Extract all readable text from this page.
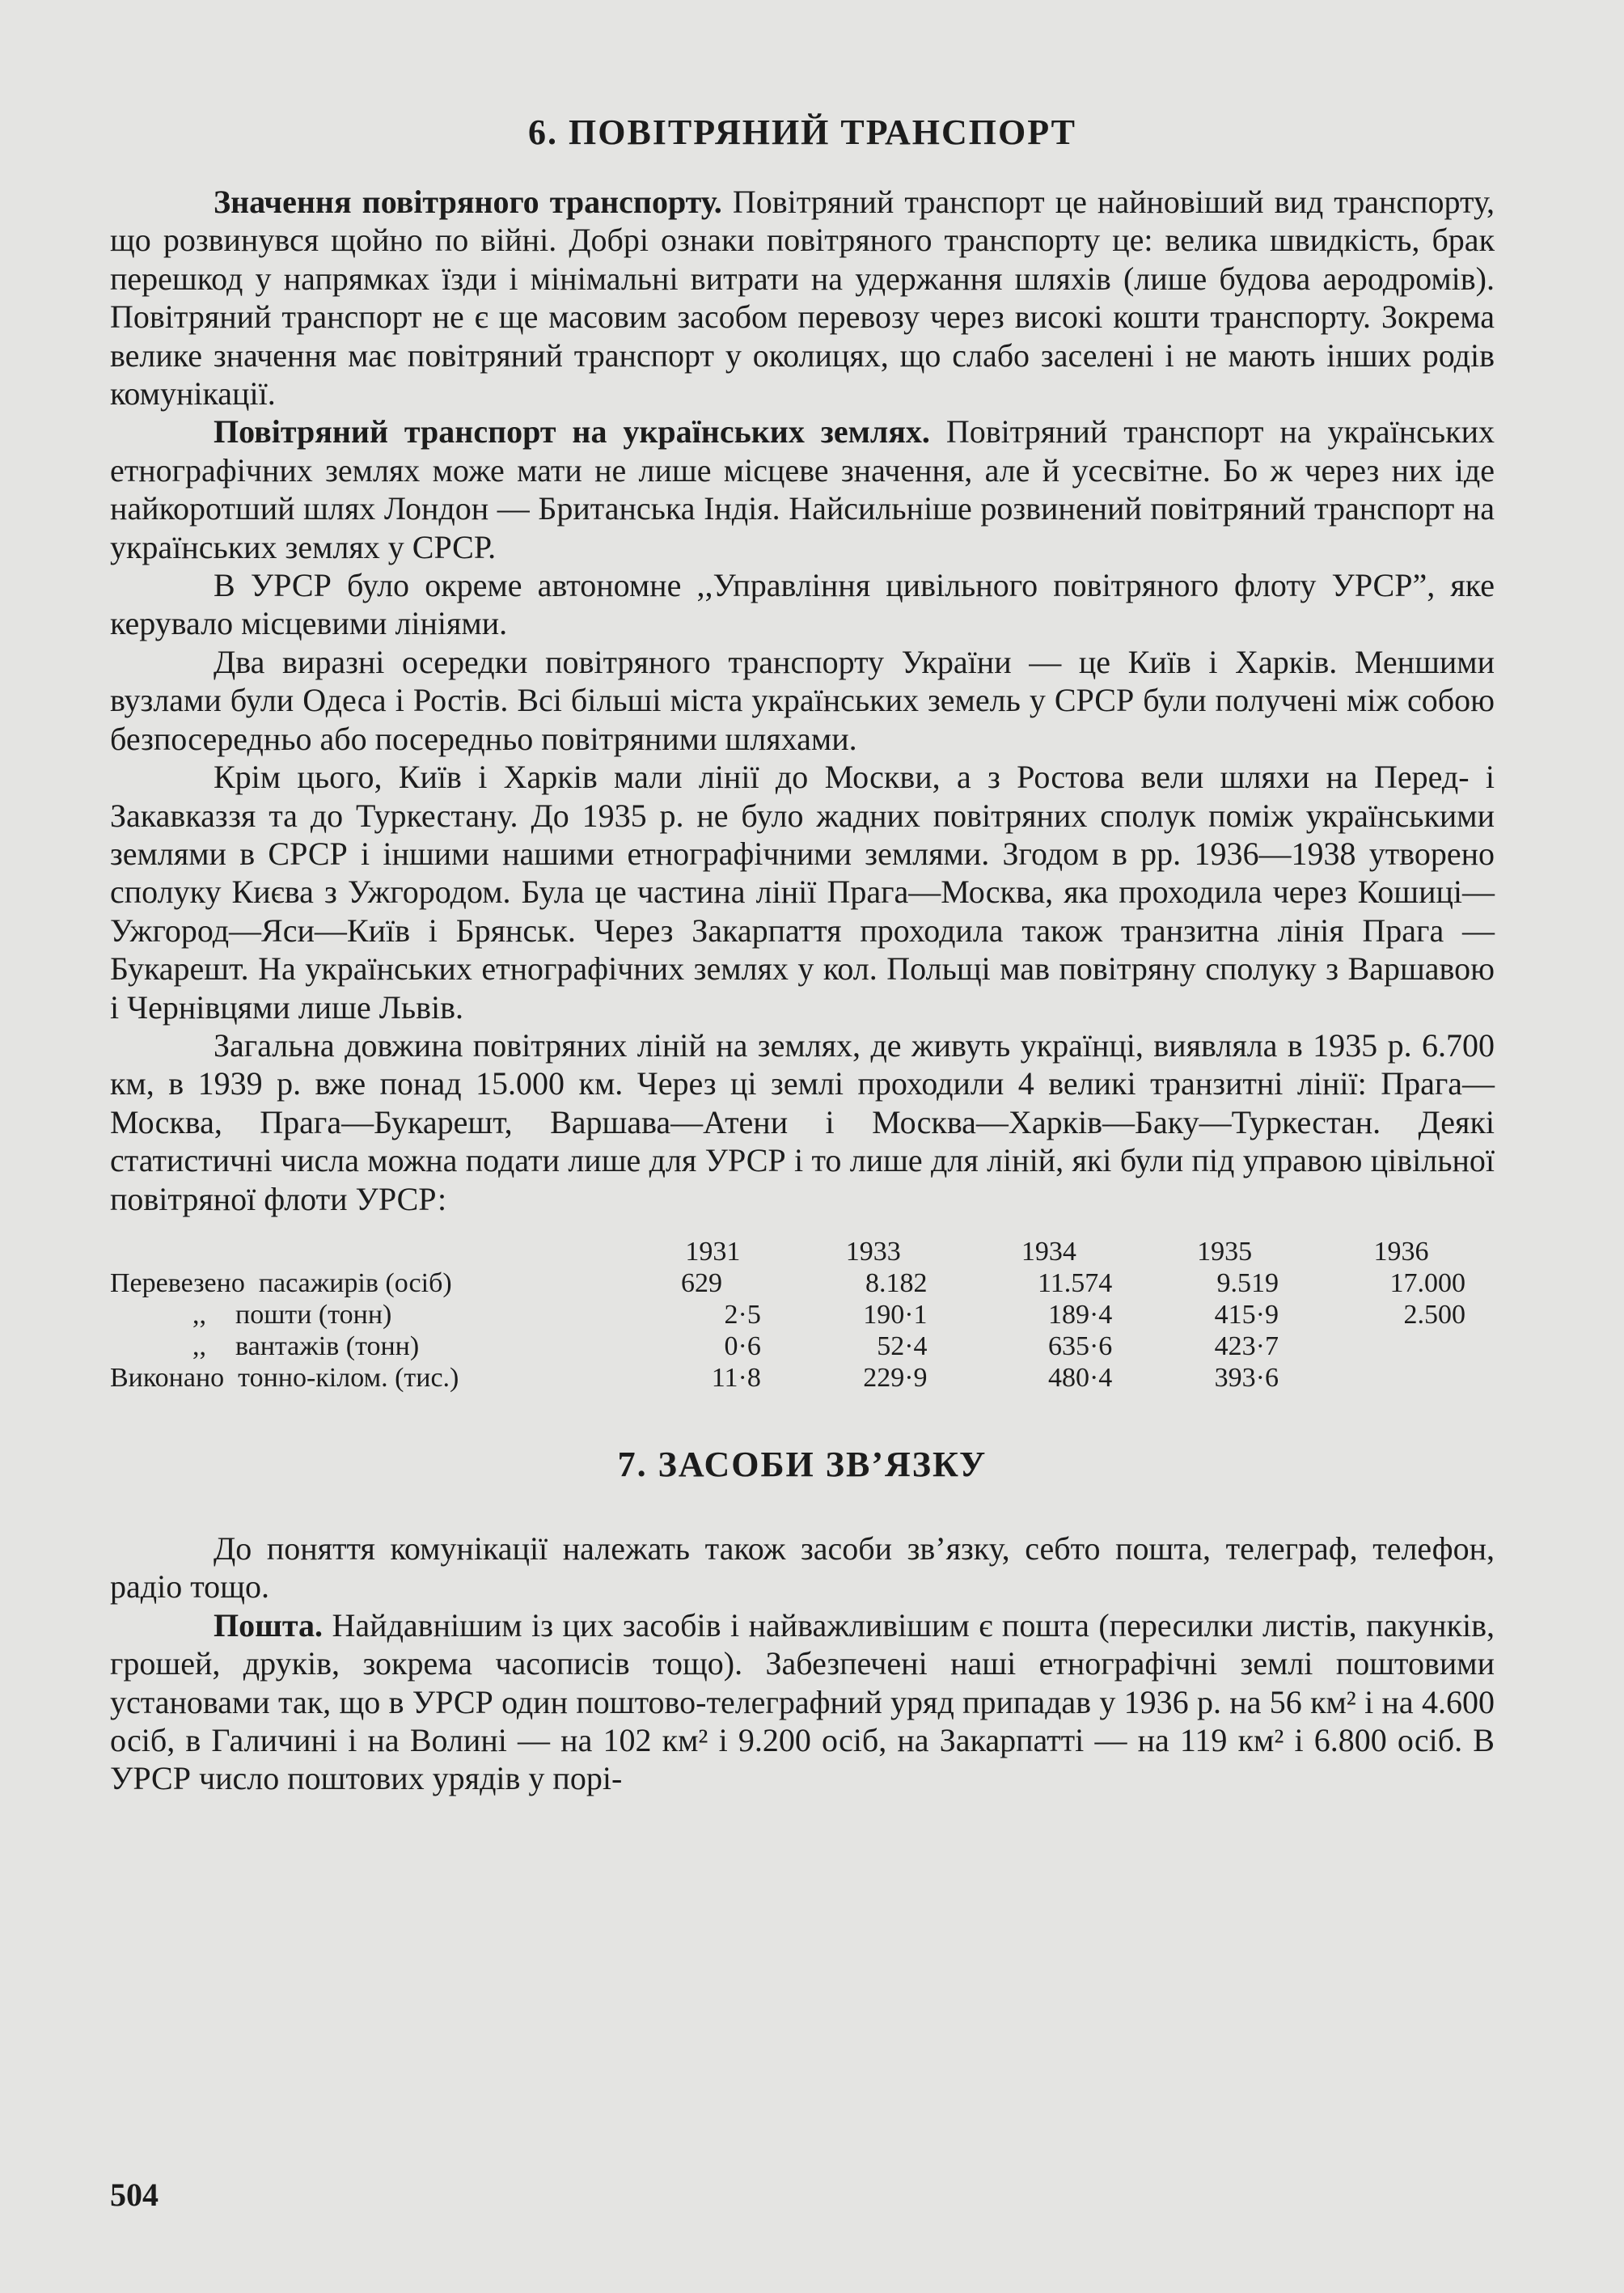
6. ПОВІТРЯНИЙ ТРАНСПОРТ

Значення повітряного транспорту. Повітряний транспорт це найновіший вид транспорту, що розвинувся щойно по війні. Добрі ознаки повітряного транспорту це: велика швидкість, брак перешкод у напрямках їзди і мінімальні витрати на удержання шляхів (лише будова аеродромів). Повітряний транспорт не є ще масовим засобом перевозу через високі кошти транспорту. Зокрема велике значення має повітряний транспорт у околицях, що слабо заселені і не мають інших родів комунікації.

Повітряний транспорт на українських землях. Повітряний транспорт на українських етнографічних землях може мати не лише місцеве значення, але й усесвітне. Бо ж через них іде найкоротший шлях Лондон — Британська Індія. Найсильніше розвинений повітряний транспорт на українських землях у СРСР.

В УРСР було окреме автономне ,,Управління цивільного повітряного флоту УРСР”, яке керувало місцевими лініями.

Два виразні осередки повітряного транспорту України — це Київ і Харків. Меншими вузлами були Одеса і Ростів. Всі більші міста українських земель у СРСР були получені між собою безпосередньо або посередньо повітряними шляхами.

Крім цього, Київ і Харків мали лінії до Москви, а з Ростова вели шляхи на Перед- і Закавказзя та до Туркестану. До 1935 р. не було жадних повітряних сполук поміж українськими землями в СРСР і іншими нашими етнографічними землями. Згодом в рр. 1936—1938 утворено сполуку Києва з Ужгородом. Була це частина лінії Прага—Москва, яка проходила через Кошиці—Ужгород—Яси—Київ і Брянськ. Через Закарпаття проходила також транзитна лінія Прага — Букарешт. На українських етнографічних землях у кол. Польщі мав повітряну сполуку з Варшавою і Чернівцями лише Львів.

Загальна довжина повітряних ліній на землях, де живуть українці, виявляла в 1935 р. 6.700 км, в 1939 р. вже понад 15.000 км. Через ці землі проходили 4 великі транзитні лінії: Прага—Москва, Прага—Букарешт, Варшава—Атени і Москва—Харків—Баку—Туркестан. Деякі статистичні числа можна подати лише для УРСР і то лише для ліній, які були під управою цівільної повітряної флоти УРСР:

	1931	1933	1934	1935	1936
Перевезено пасажирів (осіб)	629	8.182	11.574	9.519	17.000
,, пошти (тонн)	2·5	190·1	189·4	415·9	2.500
,, вантажів (тонн)	0·6	52·4	635·6	423·7	
Виконано тонно-кілом. (тис.)	11·8	229·9	480·4	393·6	
7. ЗАСОБИ ЗВ’ЯЗКУ

До поняття комунікації належать також засоби зв’язку, себто пошта, телеграф, телефон, радіо тощо.

Пошта. Найдавнішим із цих засобів і найважливішим є пошта (пересилки листів, пакунків, грошей, друків, зокрема часописів тощо). Забезпечені наші етнографічні землі поштовими установами так, що в УРСР один поштово-телеграфний уряд припадав у 1936 р. на 56 км² і на 4.600 осіб, в Галичині і на Волині — на 102 км² і 9.200 осіб, на Закарпатті — на 119 км² і 6.800 осіб. В УРСР число поштових урядів у порі-

504
